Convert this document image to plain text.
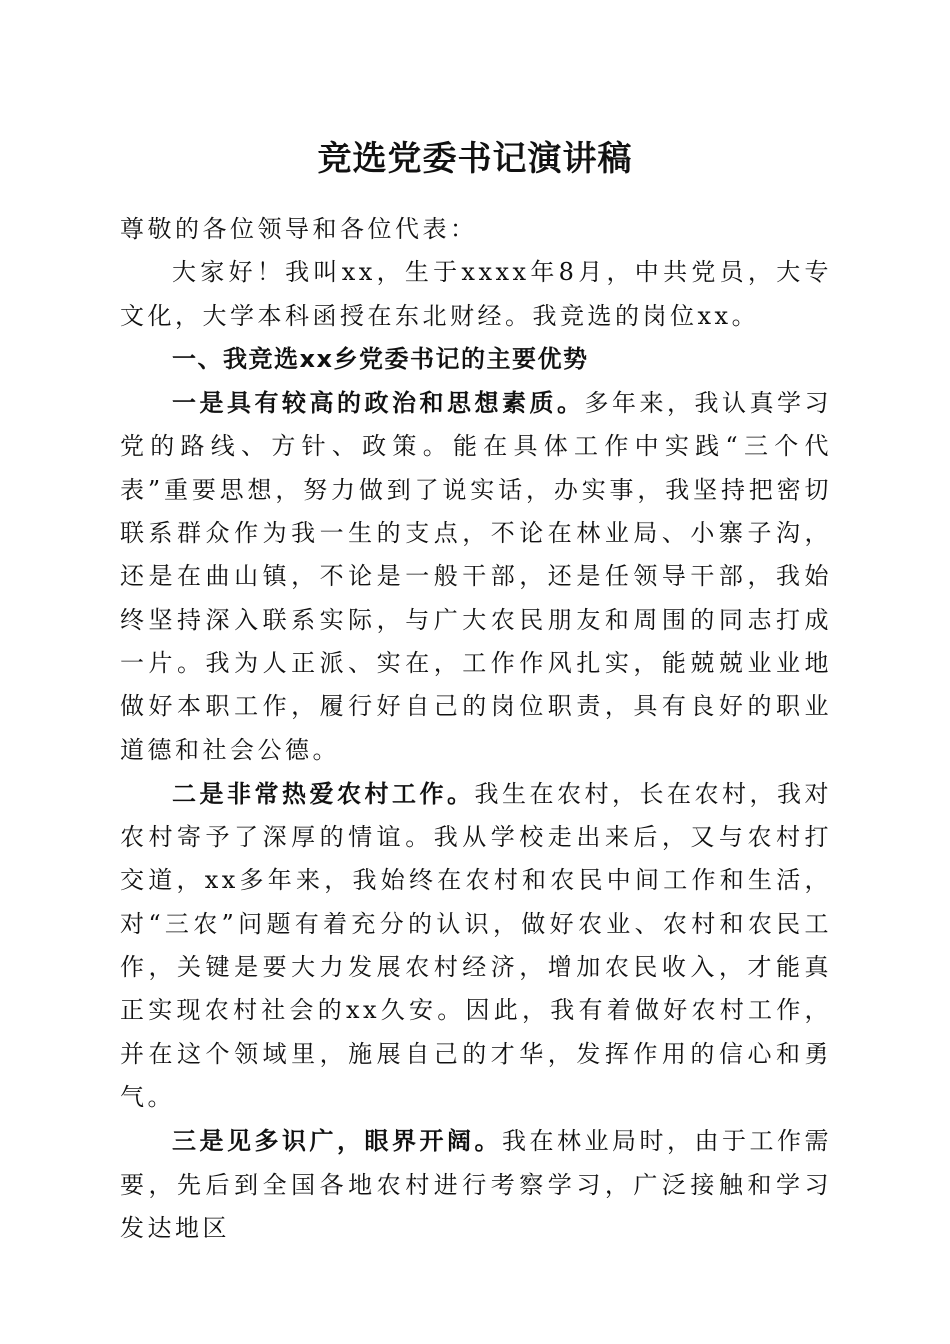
竞选党委书记演讲稿

尊敬的各位领导和各位代表：

大家好！我叫xx，生于xxxx年8月，中共党员，大专文化，大学本科函授在东北财经。我竞选的岗位xx。

一、我竞选xx乡党委书记的主要优势

一是具有较高的政治和思想素质。多年来，我认真学习党的路线、方针、政策。能在具体工作中实践“三个代表”重要思想，努力做到了说实话，办实事，我坚持把密切联系群众作为我一生的支点，不论在林业局、小寨子沟，还是在曲山镇，不论是一般干部，还是任领导干部，我始终坚持深入联系实际，与广大农民朋友和周围的同志打成一片。我为人正派、实在，工作作风扎实，能兢兢业业地做好本职工作，履行好自己的岗位职责，具有良好的职业道德和社会公德。

二是非常热爱农村工作。我生在农村，长在农村，我对农村寄予了深厚的情谊。我从学校走出来后，又与农村打交道，xx多年来，我始终在农村和农民中间工作和生活，对“三农”问题有着充分的认识，做好农业、农村和农民工作，关键是要大力发展农村经济，增加农民收入，才能真正实现农村社会的xx久安。因此，我有着做好农村工作，并在这个领域里，施展自己的才华，发挥作用的信心和勇气。

三是见多识广，眼界开阔。我在林业局时，由于工作需要，先后到全国各地农村进行考察学习，广泛接触和学习发达地区
